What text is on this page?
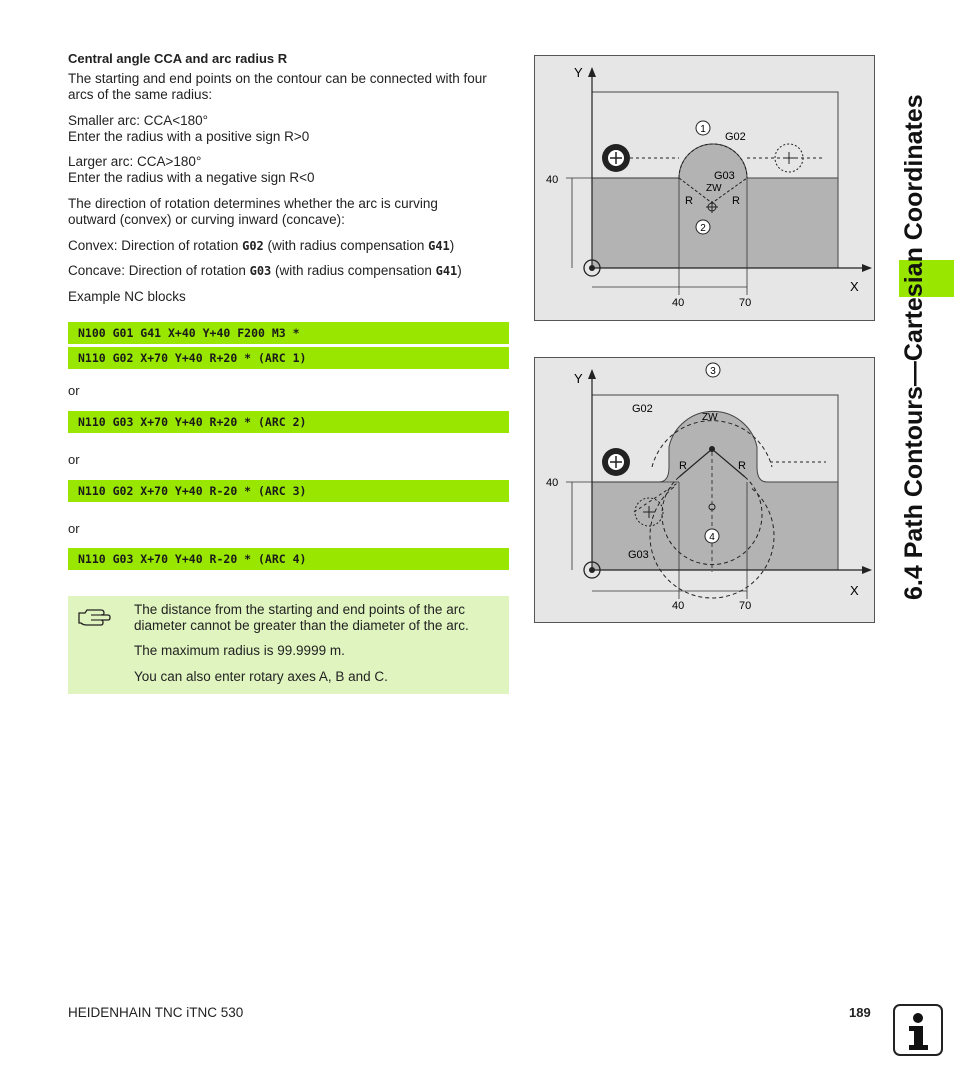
Central angle CCA and arc radius R
The starting and end points on the contour can be connected with four
arcs of the same radius:
Smaller arc: CCA<180°
Enter the radius with a positive sign R>0
Larger arc: CCA>180°
Enter the radius with a negative sign R<0
The direction of rotation determines whether the arc is curving
outward (convex) or curving inward (concave):
Convex: Direction of rotation G02 (with radius compensation G41)
Concave: Direction of rotation G03 (with radius compensation G41)
Example NC blocks
N100 G01 G41 X+40 Y+40 F200 M3 *
N110 G02 X+70 Y+40 R+20 * (ARC 1)
or
N110 G03 X+70 Y+40 R+20 * (ARC 2)
or
N110 G02 X+70 Y+40 R-20 * (ARC 3)
or
N110 G03 X+70 Y+40 R-20 * (ARC 4)
The distance from the starting and end points of the arc
diameter cannot be greater than the diameter of the arc.
The maximum radius is 99.9999 m.
You can also enter rotary axes A, B and C.
1
2
Y
X
40
40	70
G02
G03
ZW
R	R
3
4
Y
X
40
40	70
G02
G03
ZW
R	R	6.4 Path Contours—Cartesian Coordinates
HEIDENHAIN TNC iTNC 530	189
